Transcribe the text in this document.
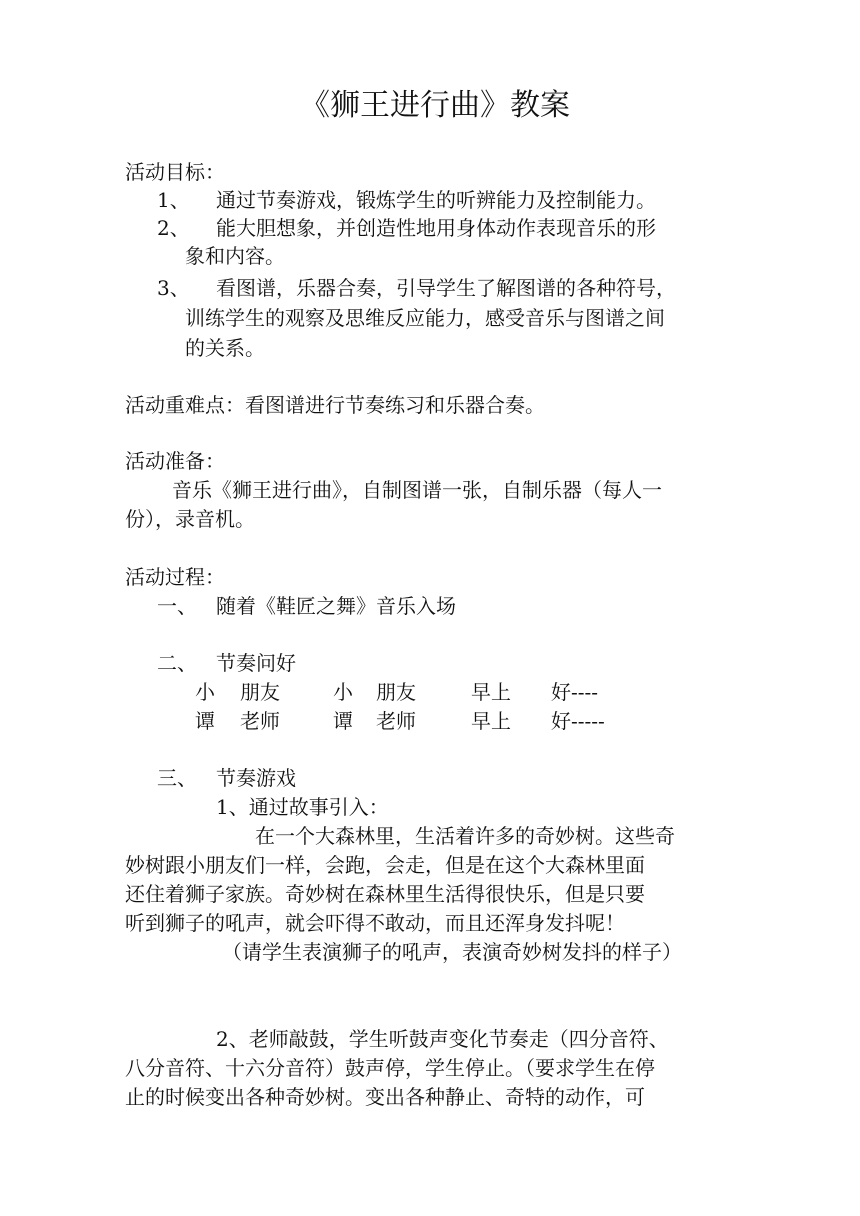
《狮王进行曲》教案
活动目标：
1、 通过节奏游戏，锻炼学生的听辨能力及控制能力。
2、 能大胆想象，并创造性地用身体动作表现音乐的形
象和内容。
3、 看图谱，乐器合奏，引导学生了解图谱的各种符号，
训练学生的观察及思维反应能力，感受音乐与图谱之间
的关系。
活动重难点：看图谱进行节奏练习和乐器合奏。
活动准备：
音乐《狮王进行曲》，自制图谱一张，自制乐器（每人一
份），录音机。
活动过程：
一、 随着《鞋匠之舞》音乐入场
二、 节奏问好
小 朋友	小 朋友	早上 好----
谭 老师	谭 老师	早上 好-----
三、 节奏游戏
1、通过故事引入：
在一个大森林里，生活着许多的奇妙树。这些奇
妙树跟小朋友们一样，会跑，会走，但是在这个大森林里面
还住着狮子家族。奇妙树在森林里生活得很快乐，但是只要
听到狮子的吼声，就会吓得不敢动，而且还浑身发抖呢！
（请学生表演狮子的吼声，表演奇妙树发抖的样子）
2、老师敲鼓，学生听鼓声变化节奏走（四分音符、
八分音符、十六分音符）鼓声停，学生停止。（要求学生在停
止的时候变出各种奇妙树。变出各种静止、奇特的动作，可
